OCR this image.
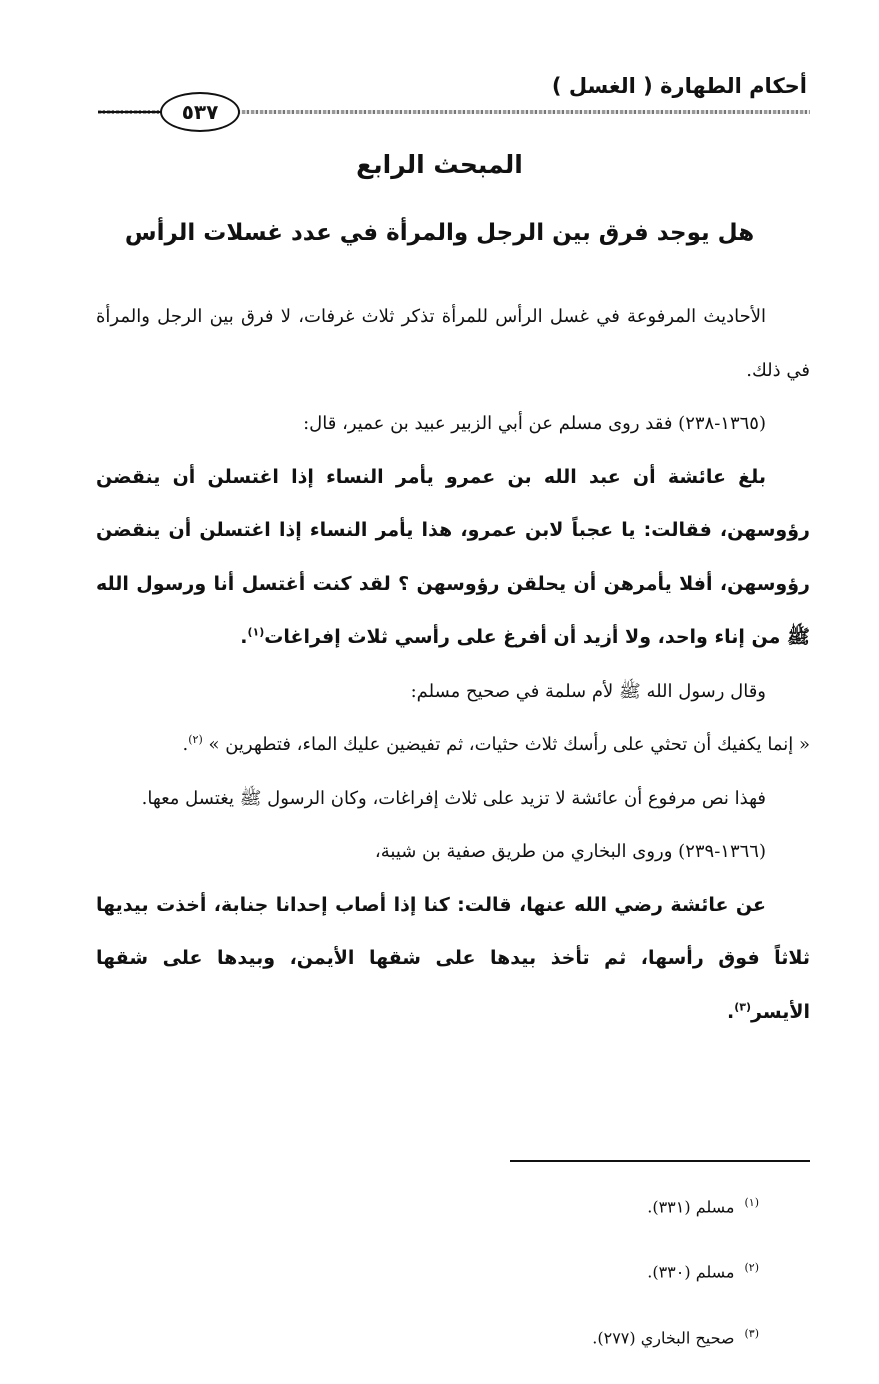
أحكام الطهارة ( الغسل )
٥٣٧
المبحث الرابع
هل يوجد فرق بين الرجل والمرأة في عدد غسلات الرأس

الأحاديث المرفوعة في غسل الرأس للمرأة تذكر ثلاث غرفات، لا فرق بين الرجل والمرأة في ذلك.

(١٣٦٥-٢٣٨) فقد روى مسلم عن أبي الزبير عبيد بن عمير، قال:

بلغ عائشة أن عبد الله بن عمرو يأمر النساء إذا اغتسلن أن ينقضن رؤوسهن، فقالت: يا عجباً لابن عمرو، هذا يأمر النساء إذا اغتسلن أن ينقضن رؤوسهن، أفلا يأمرهن أن يحلقن رؤوسهن ؟ لقد كنت أغتسل أنا ورسول الله ﷺ من إناء واحد، ولا أزيد أن أفرغ على رأسي ثلاث إفراغات$^{(١)}$.

وقال رسول الله ﷺ لأم سلمة في صحيح مسلم:

« إنما يكفيك أن تحثي على رأسك ثلاث حثيات، ثم تفيضين عليك الماء، فتطهرين » $^{(٢)}$.

فهذا نص مرفوع أن عائشة لا تزيد على ثلاث إفراغات، وكان الرسول ﷺ يغتسل معها.

(١٣٦٦-٢٣٩) وروى البخاري من طريق صفية بن شيبة،

عن عائشة رضي الله عنها، قالت: كنا إذا أصاب إحدانا جنابة، أخذت بيديها ثلاثاً فوق رأسها، ثم تأخذ بيدها على شقها الأيمن، وبيدها على شقها الأيسر$^{(٣)}$.

$^{(١)}$مسلم (٣٣١).
$^{(٢)}$مسلم (٣٣٠).
$^{(٣)}$صحيح البخاري (٢٧٧).
